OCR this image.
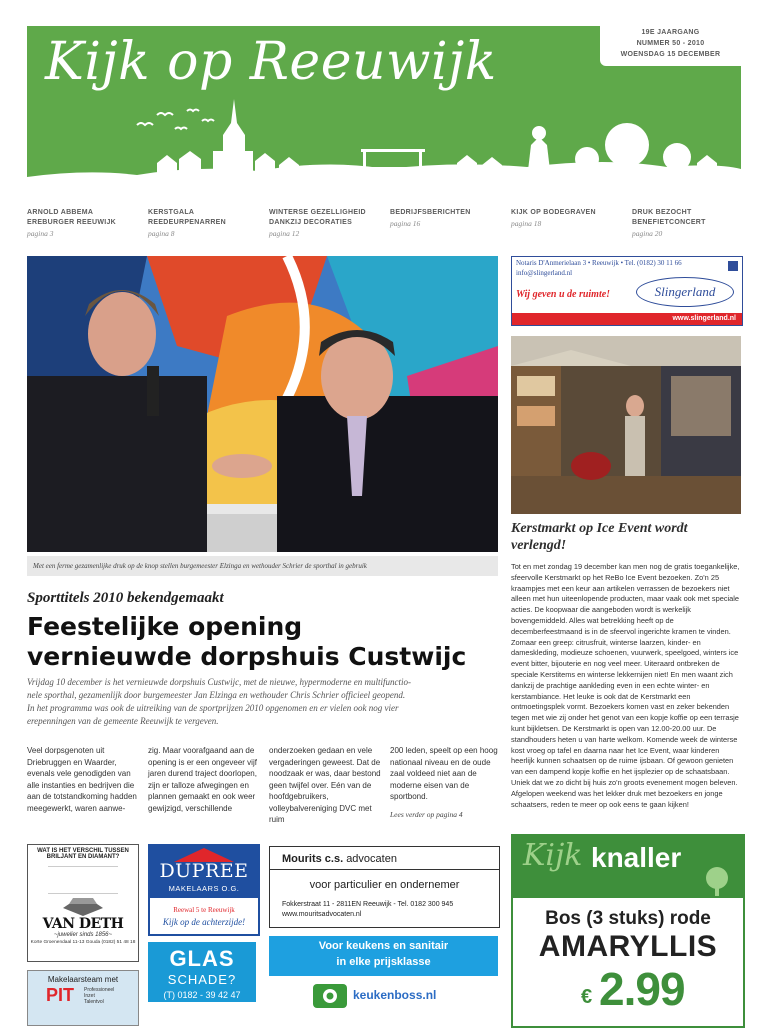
Kijk op Reeuwijk	19E JAARGANG
NUMMER 50 - 2010
WOENSDAG 15 DECEMBER
ARNOLD ABBEMA
EREBURGER REEUWIJK
pagina 3
KERSTGALA
REEDEURPENARREN
pagina 8
WINTERSE GEZELLIGHEID
DANKZIJ DECORATIES
pagina 12
BEDRIJFSBERICHTEN
pagina 16
KIJK OP BODEGRAVEN
pagina 18
DRUK BEZOCHT
BENEFIETCONCERT
pagina 20
Met een ferme gezamenlijke druk op de knop stellen burgemeester Elzinga en wethouder Schrier de sporthal in gebruik
Sporttitels 2010 bekendgemaakt
Feestelijke opening
vernieuwde dorpshuis Custwijc
Vrijdag 10 december is het vernieuwde dorpshuis Custwijc, met de nieuwe, hypermoderne en multifunctio-
nele sporthal, gezamenlijk door burgemeester Jan Elzinga en wethouder Chris Schrier officieel geopend.
In het programma was ook de uitreiking van de sportprijzen 2010 opgenomen en er vielen ook nog vier
erepenningen van de gemeente Reeuwijk te vergeven.
Veel dorpsgenoten uit Driebruggen en Waarder, evenals vele genodigden van alle instanties en bedrijven die aan de totstandkoming hadden meegewerkt, waren aanwe-
zig. Maar voorafgaand aan de opening is er een ongeveer vijf jaren durend traject doorlopen, zijn er talloze afwegingen en plannen gemaakt en ook weer gewijzigd, verschillende
onderzoeken gedaan en vele vergaderingen geweest. Dat de noodzaak er was, daar bestond geen twijfel over. Eén van de hoofdgebruikers, volleybalvereniging DVC met ruim
200 leden, speelt op een hoog nationaal niveau en de oude zaal voldeed niet aan de moderne eisen van de sportbond.
Lees verder op pagina 4
Notaris D'Anmerielaan 3 • Reeuwijk • Tel. (0182) 30 11 66
info@slingerland.nl
Wij geven u de ruimte!	Slingerland
www.slingerland.nl
Kerstmarkt op Ice Event wordt verlengd!
Tot en met zondag 19 december kan men nog de gratis toegankelijke, sfeervolle Kerstmarkt op het ReBo Ice Event bezoeken. Zo'n 25 kraampjes met een keur aan artikelen verrassen de bezoekers niet alleen met hun uiteenlopende producten, maar vaak ook met speciale acties. De koopwaar die aangeboden wordt is werkelijk bovengemiddeld. Alles wat betrekking heeft op de decemberfeestmaand is in de sfeervol ingerichte kramen te vinden. Zomaar een greep: citrusfruit, winterse laarzen, kinder- en dameskleding, modieuze schoenen, vuurwerk, speelgoed, winters ice event bitter, bijouterie en nog veel meer. Uiteraard ontbreken de speciale Kerstitems en winterse lekkernijen niet! En men waant zich dankzij de prachtige aankleding even in een echte winter- en kerstambiance. Het leuke is ook dat de Kerstmarkt een ontmoetingsplek vormt. Bezoekers komen vast en zeker bekenden tegen met wie zij onder het genot van een kopje koffie op een terrasje kunt bijkletsen. De Kerstmarkt is open van 12.00-20.00 uur. De standhouders heten u van harte welkom. Komende week de winterse kost vroeg op tafel en daarna naar het Ice Event, waar kinderen heerlijk kunnen schaatsen op de ruime ijsbaan. Of gewoon genieten van een dampend kopje koffie en het ijsplezier op de schaatsbaan. Uniek dat we zo dicht bij huis zo'n groots evenement mogen beleven. Afgelopen weekend was het lekker druk met bezoekers en jonge schaatsers, reden te meer op ook eens te gaan kijken!
WAT IS HET VERSCHIL TUSSEN
BRILJANT EN DIAMANT?
VAN DETH
~juwelier sinds 1856~
Korte Groenendaal 11-13 Gouda (0182) 51 48 18
DUPREE
MAKELAARS O.G.
Reewal 5 te Reeuwijk
Kijk op de achterzijde!
Mourits c.s. advocaten
voor particulier en ondernemer
Fokkerstraat 11 - 2811EN Reeuwijk - Tel. 0182 300 945
www.mouritsadvocaten.nl
Voor keukens en sanitair
in elke prijsklasse
keukenboss.nl
Makelaarsteam met
PIT Professioneel
Inzet
Talentvol
GLAS
SCHADE?
(T) 0182 - 39 42 47
Kijk knaller
Bos (3 stuks) rode
AMARYLLIS
€ 2.99
